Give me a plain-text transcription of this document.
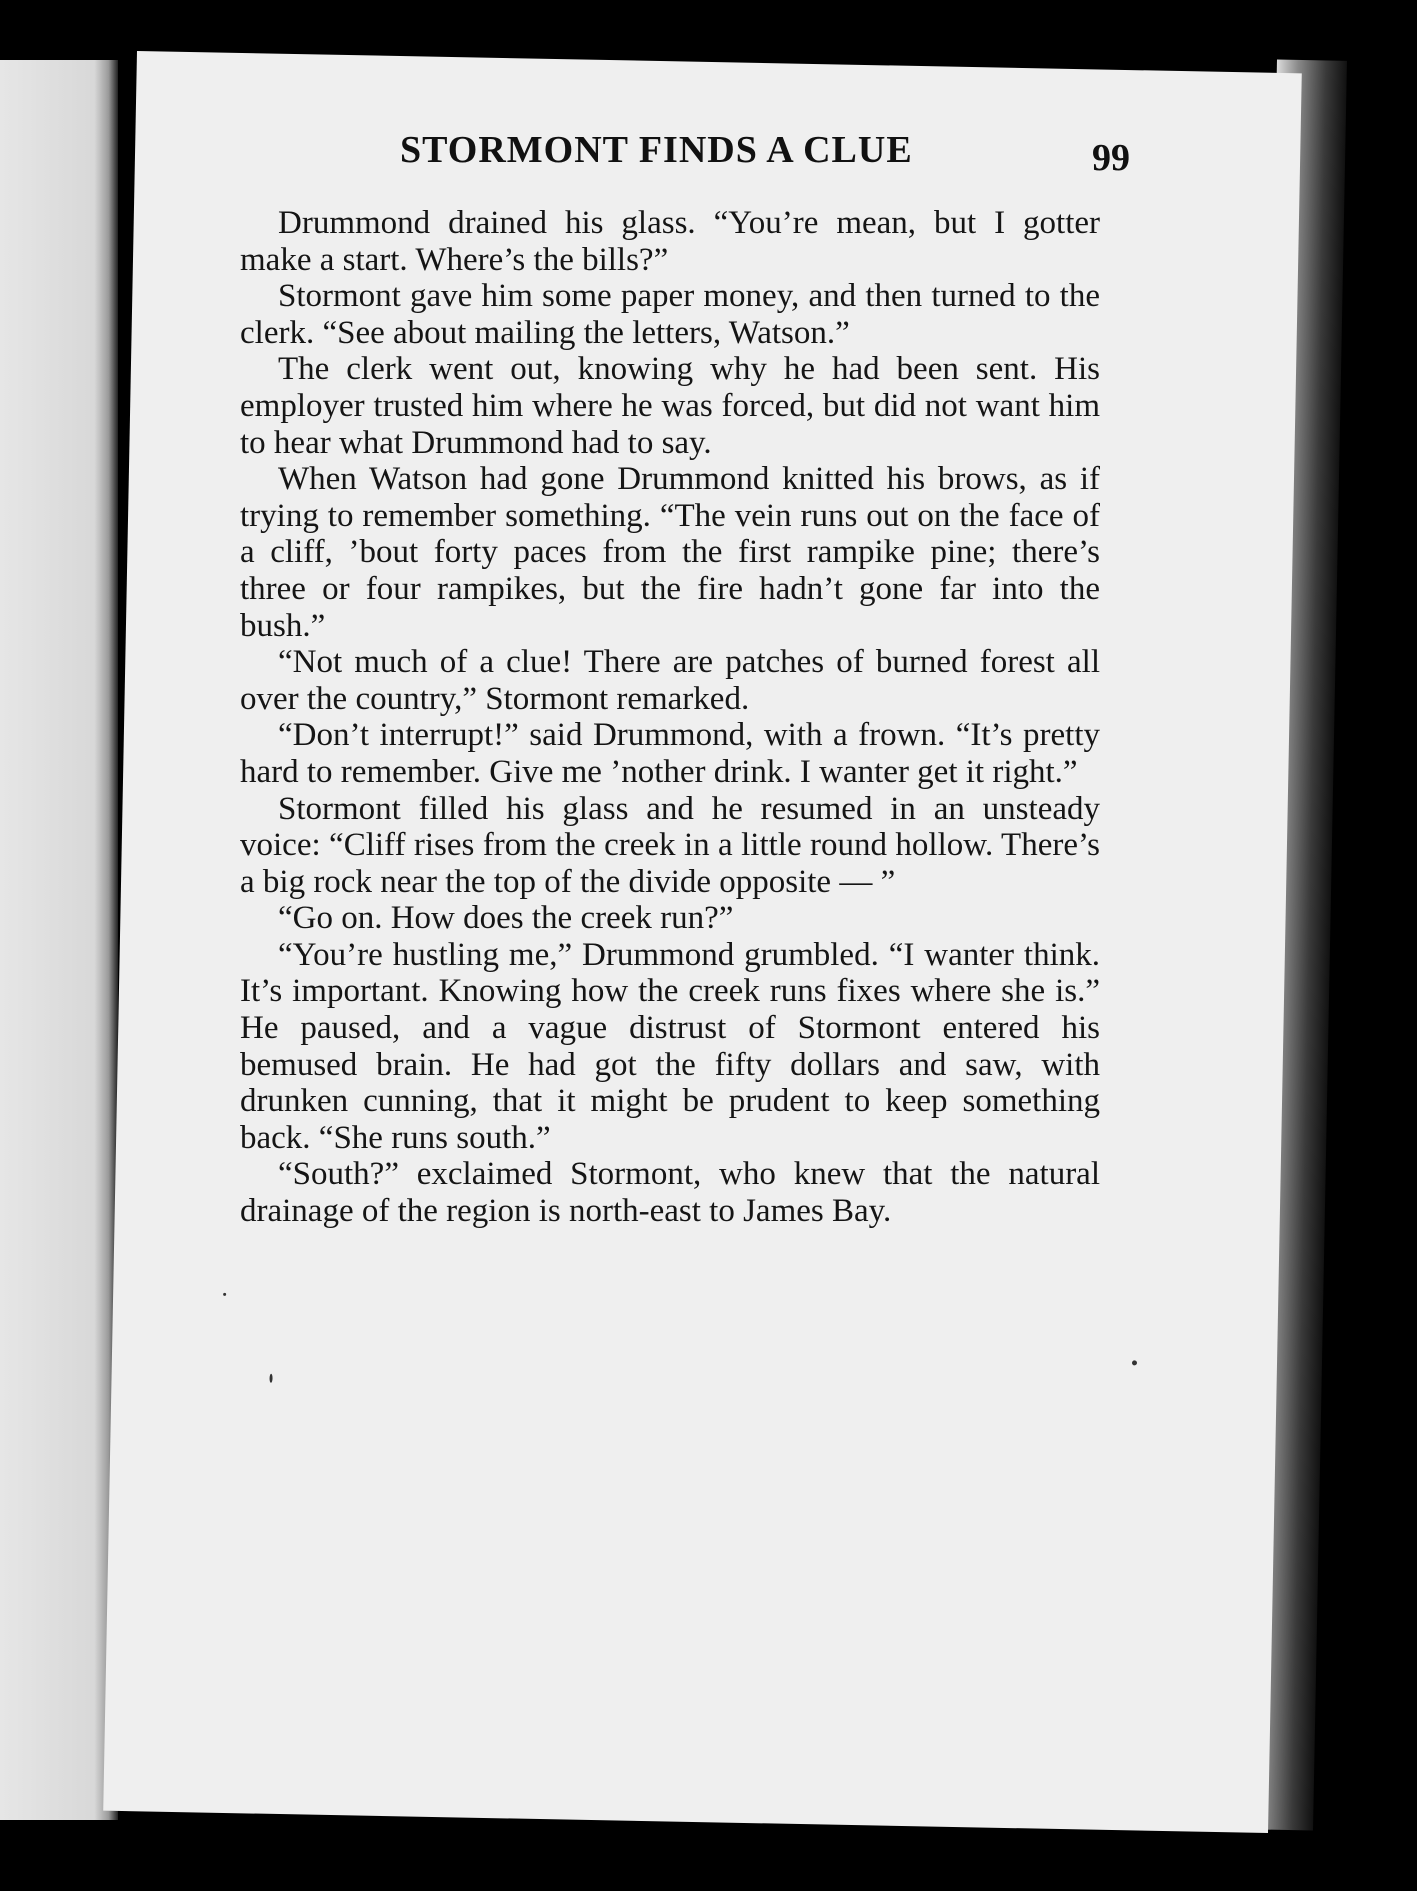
STORMONT FINDS A CLUE	99

Drummond drained his glass. “You’re mean, but I gotter make a start. Where’s the bills?”

Stormont gave him some paper money, and then turned to the clerk. “See about mailing the letters, Watson.”

The clerk went out, knowing why he had been sent. His employer trusted him where he was forced, but did not want him to hear what Drummond had to say.

When Watson had gone Drummond knitted his brows, as if trying to remember something. “The vein runs out on the face of a cliff, ’bout forty paces from the first rampike pine; there’s three or four rampikes, but the fire hadn’t gone far into the bush.”

“Not much of a clue! There are patches of burned forest all over the country,” Stormont remarked.

“Don’t interrupt!” said Drummond, with a frown. “It’s pretty hard to remember. Give me ’nother drink. I wanter get it right.”

Stormont filled his glass and he resumed in an unsteady voice: “Cliff rises from the creek in a little round hollow. There’s a big rock near the top of the divide opposite — ”

“Go on. How does the creek run?”

“You’re hustling me,” Drummond grumbled. “I wanter think. It’s important. Knowing how the creek runs fixes where she is.” He paused, and a vague distrust of Stormont entered his bemused brain. He had got the fifty dollars and saw, with drunken cunning, that it might be prudent to keep something back. “She runs south.”

“South?” exclaimed Stormont, who knew that the natural drainage of the region is north-east to James Bay.
